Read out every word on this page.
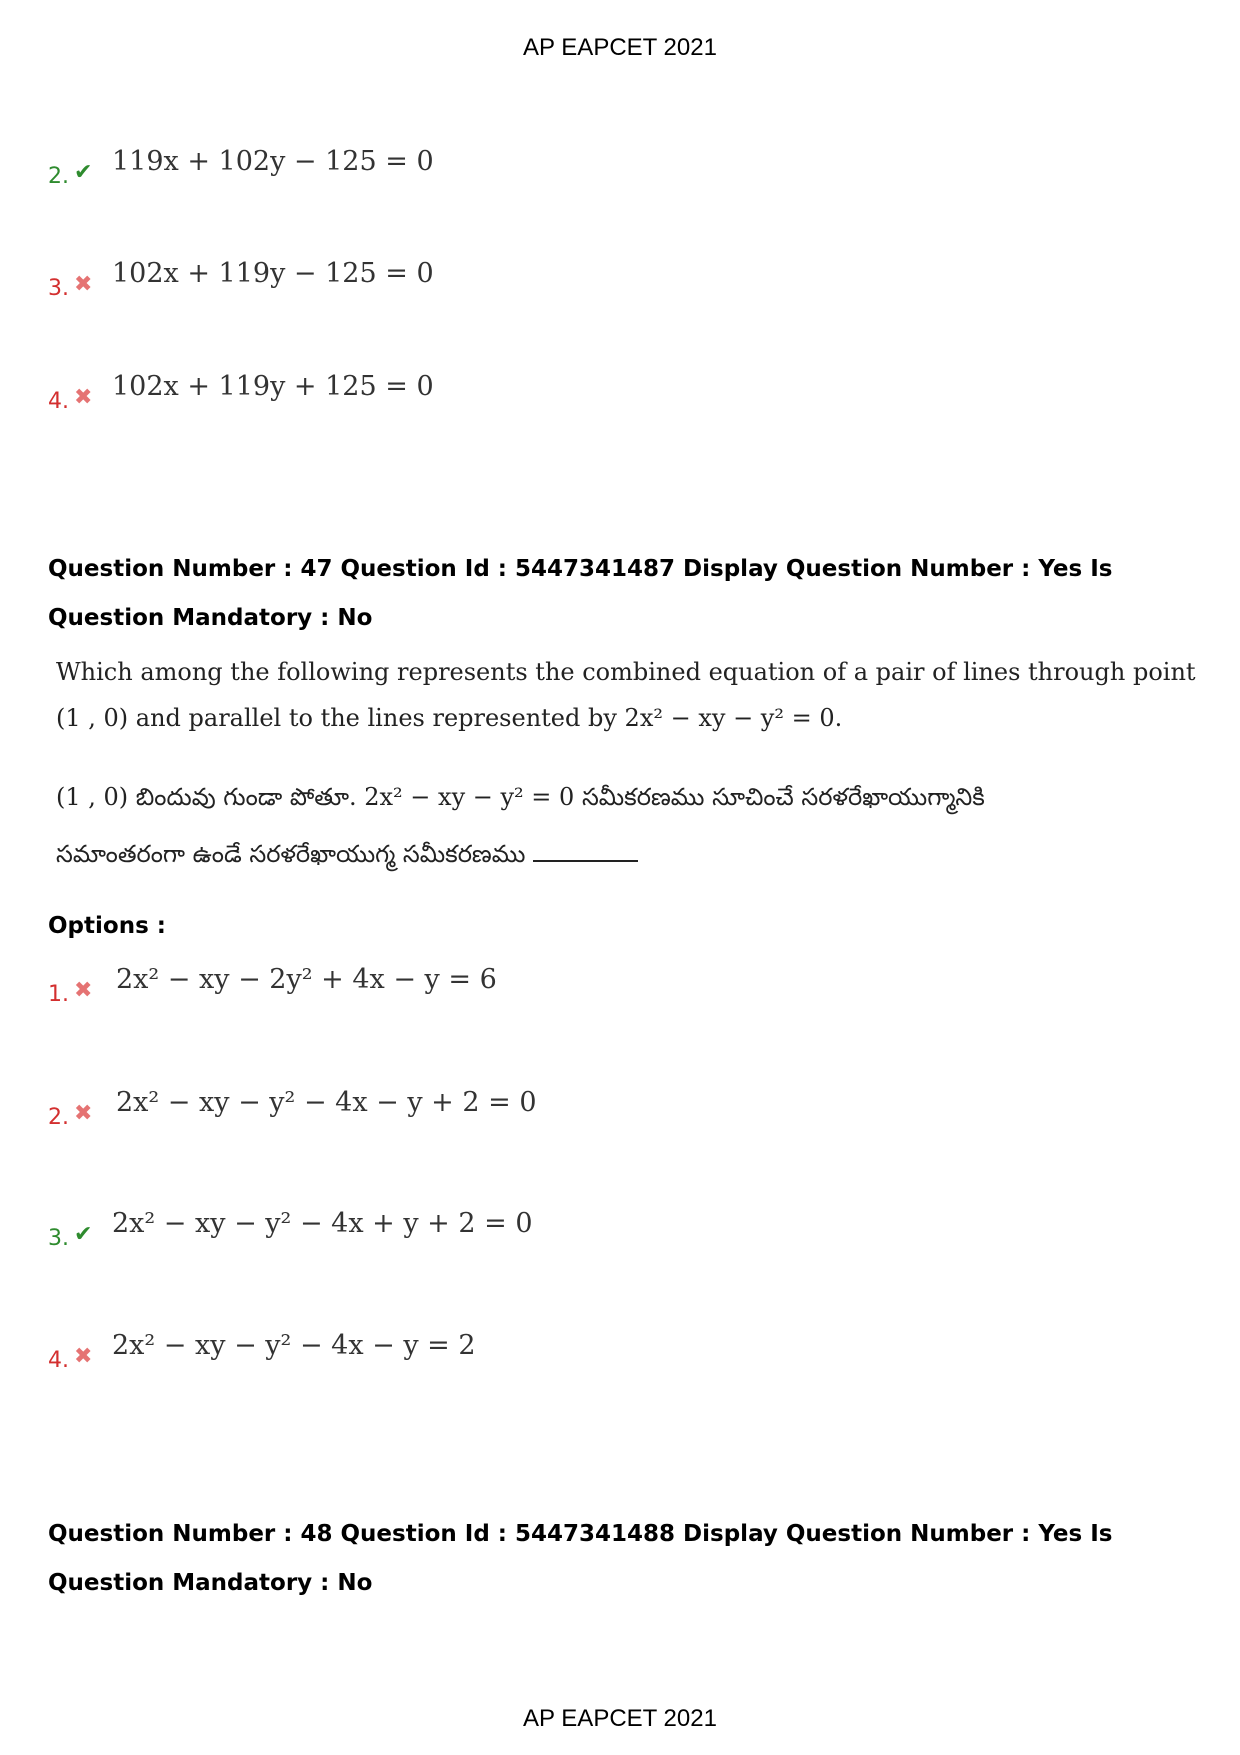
AP EAPCET 2021
2. ✔ 119x + 102y − 125 = 0
3. ✖ 102x + 119y − 125 = 0
4. ✖ 102x + 119y + 125 = 0
Question Number : 47 Question Id : 5447341487 Display Question Number : Yes Is Question Mandatory : No
Which among the following represents the combined equation of a pair of lines through point
(1 , 0) and parallel to the lines represented by 2x² − xy − y² = 0.
(1 , 0) బిందువు గుండా పోతూ. 2x² − xy − y² = 0 సమీకరణము సూచించే సరళరేఖాయుగ్మానికి
సమాంతరంగా ఉండే సరళరేఖాయుగ్మ సమీకరణము
Options :
1. ✖ 2x² − xy − 2y² + 4x − y = 6
2. ✖ 2x² − xy − y² − 4x − y + 2 = 0
3. ✔ 2x² − xy − y² − 4x + y + 2 = 0
4. ✖ 2x² − xy − y² − 4x − y = 2
Question Number : 48 Question Id : 5447341488 Display Question Number : Yes Is Question Mandatory : No
AP EAPCET 2021
